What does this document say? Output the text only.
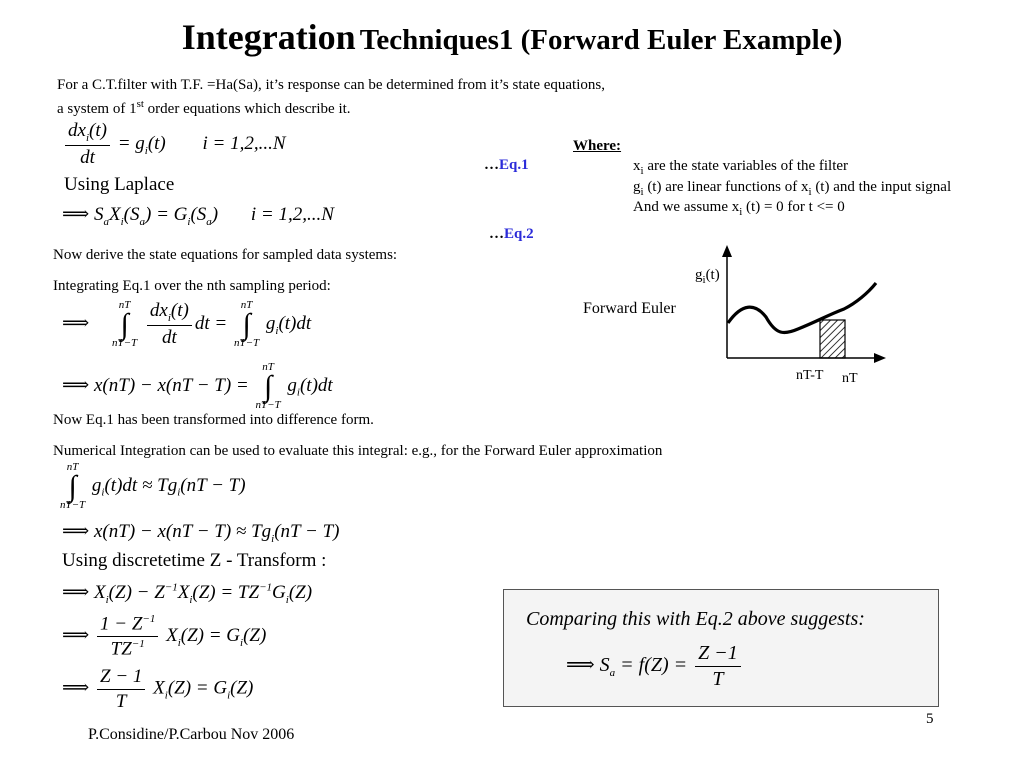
Integration Techniques1 (Forward Euler Example)
For a C.T.filter with T.F. =Ha(Sa), it’s response can be determined from it’s state equations,
a system of 1st order equations which describe it.
$\frac{dx_i(t)}{dt} = g_i(t) i = 1,2,...N$
…Eq.1
Using Laplace
⟹ $S_aX_i(S_a) = G_i(S_a) i = 1,2,...N$
…Eq.2
Where:
$x_i$ are the state variables of the filter
$g_i$ (t) are linear functions of $x_i$ (t) and the input signal
And we assume $x_i$ (t) = 0 for t <= 0
Now derive the state equations for sampled data systems:
Integrating Eq.1 over the nth sampling period:
⟹
nT
∫
nT−T
$\frac{dx_i(t)}{dt}$ dt =
nT
∫
nT−T
$g_i(t)dt$
⟹ x(nT) − x(nT − T) =
nT
∫
nT−T
$g_i(t)dt$
Now Eq.1 has been transformed into difference form.
Numerical Integration can be used to evaluate this integral: e.g., for the Forward Euler approximation
nT
∫
nT−T
$g_i(t)dt \approx Tg_i(nT - T)$
⟹ $x(nT) - x(nT - T) \approx Tg_i(nT - T)$
Using discretetime Z - Transform :
⟹ $X_i(Z) - Z^{-1}X_i(Z) = TZ^{-1}G_i(Z)$
⟹ $\frac{1 - Z^{-1}}{TZ^{-1}} X_i(Z) = G_i(Z)$
⟹ $\frac{Z - 1}{T} X_i(Z) = G_i(Z)$
Comparing this with Eq.2 above suggests:
⟹ $S_a = f(Z) = \frac{Z -1}{T}$
$g_i(t)$
Forward Euler
nT-T nT
5
P.Considine/P.Carbou Nov 2006
